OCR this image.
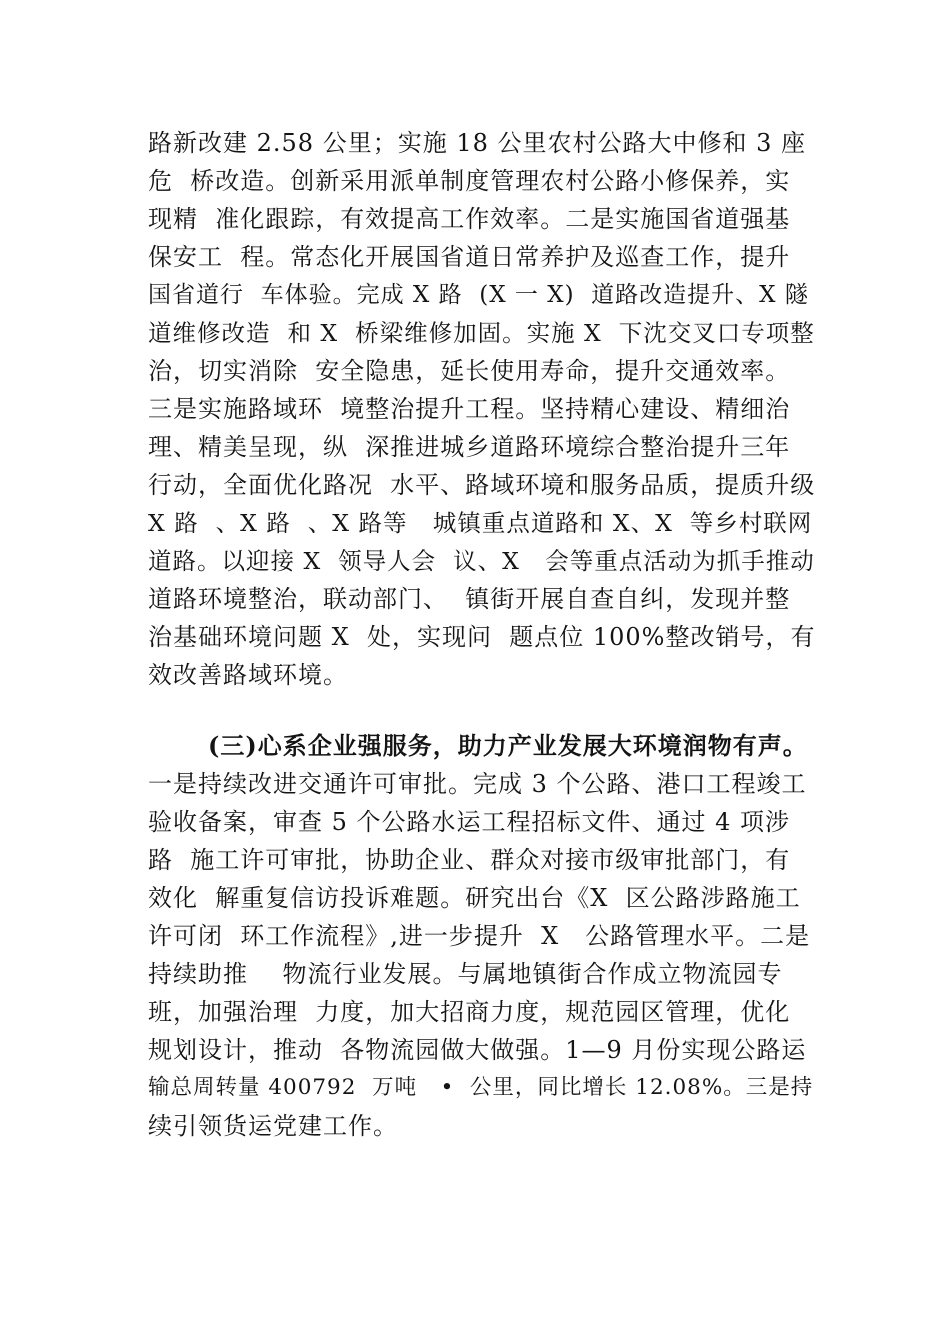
路新改建 2.58 公里；实施 18 公里农村公路大中修和 3 座
危  桥改造。创新采用派单制度管理农村公路小修保养，实
现精  准化跟踪，有效提高工作效率。二是实施国省道强基
保安工  程。常态化开展国省道日常养护及巡查工作，提升
国省道行  车体验。完成 X 路  (X 一 X)  道路改造提升、X 隧
道维修改造  和 X  桥梁维修加固。实施 X  下沈交叉口专项整
治，切实消除  安全隐患，延长使用寿命，提升交通效率。
三是实施路域环  境整治提升工程。坚持精心建设、精细治
理、精美呈现，纵  深推进城乡道路环境综合整治提升三年
行动，全面优化路况  水平、路域环境和服务品质，提质升级
X 路  、X 路  、X 路等   城镇重点道路和 X、X  等乡村联网
道路。以迎接 X  领导人会  议、X   会等重点活动为抓手推动
道路环境整治，联动部门、  镇街开展自查自纠，发现并整
治基础环境问题 X  处，实现问  题点位 100%整改销号，有
效改善路域环境。
(三)心系企业强服务，助力产业发展大环境润物有声。
一是持续改进交通许可审批。完成 3 个公路、港口工程竣工
验收备案，审查 5 个公路水运工程招标文件、通过 4 项涉
路  施工许可审批，协助企业、群众对接市级审批部门，有
效化  解重复信访投诉难题。研究出台《X  区公路涉路施工
许可闭  环工作流程》,进一步提升  X   公路管理水平。二是
持续助推    物流行业发展。与属地镇街合作成立物流园专
班，加强治理  力度，加大招商力度，规范园区管理，优化
规划设计，推动  各物流园做大做强。1—9 月份实现公路运
输总周转量 400792  万吨   •  公里，同比增长 12.08%。三是持
续引领货运党建工作。
